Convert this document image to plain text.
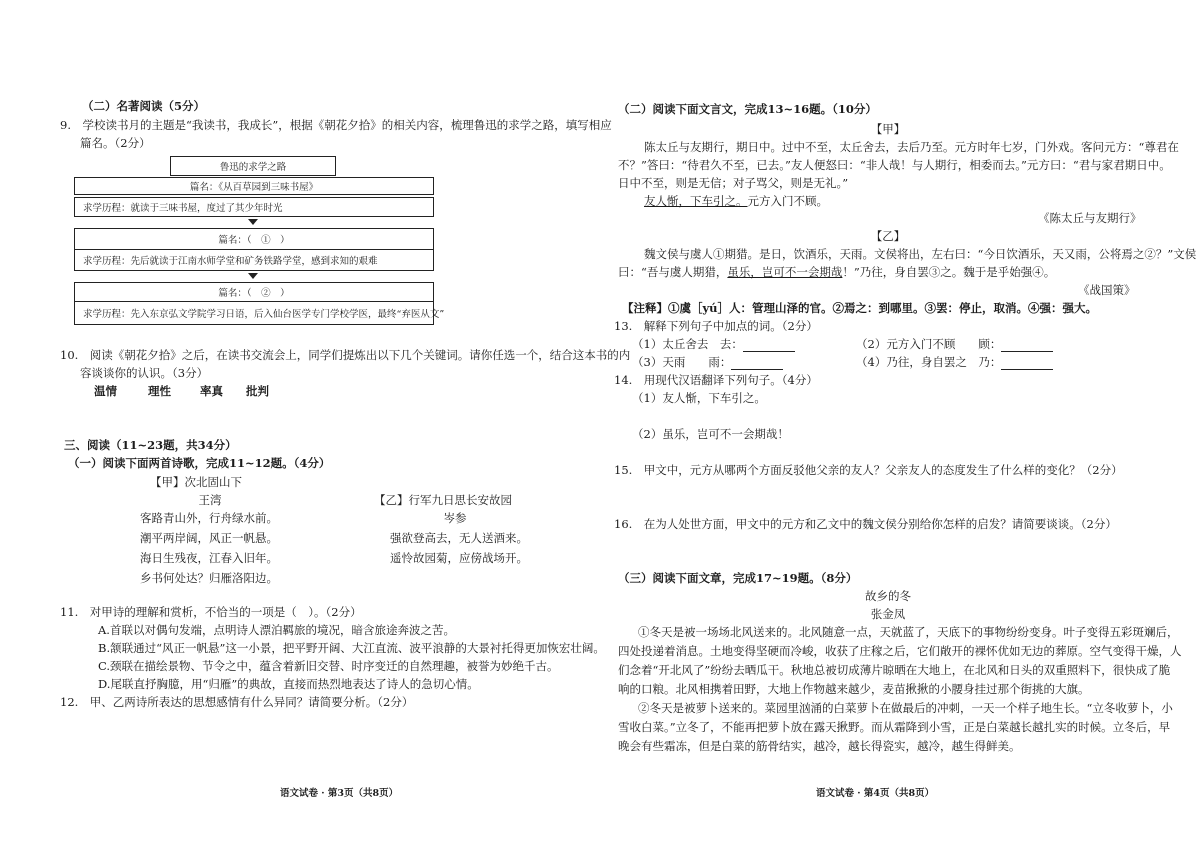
（二）名著阅读（5分）
9.　学校读书月的主题是“我读书，我成长”，根据《朝花夕拾》的相关内容，梳理鲁迅的求学之路，填写相应
篇名。（2分）
鲁迅的求学之路
篇名：《从百草园到三味书屋》
求学历程：就读于三味书屋，度过了其少年时光
篇名：（　①　）
求学历程：先后就读于江南水师学堂和矿务铁路学堂，感到求知的艰难
篇名：（　②　）
求学历程：先入东京弘文学院学习日语，后入仙台医学专门学校学医，最终“弃医从文”
10.　阅读《朝花夕拾》之后，在读书交流会上，同学们提炼出以下几个关键词。请你任选一个，结合这本书的内
容谈谈你的认识。（3分）
温情	理性	率真 批判
三、阅读（11~23题，共34分）
（一）阅读下面两首诗歌，完成11~12题。（4分）
【甲】次北固山下
王湾
客路青山外，行舟绿水前。
潮平两岸阔，风正一帆悬。
海日生残夜，江春入旧年。
乡书何处达？归雁洛阳边。
【乙】行军九日思长安故园
岑参
强欲登高去，无人送酒来。
遥怜故园菊，应傍战场开。
11.　对甲诗的理解和赏析，不恰当的一项是（　）。（2分）
A.首联以对偶句发端，点明诗人漂泊羁旅的境况，暗含旅途奔波之苦。
B.颔联通过“风正一帆悬”这一小景，把平野开阔、大江直流、波平浪静的大景衬托得更加恢宏壮阔。
C.颈联在描绘景物、节令之中，蕴含着新旧交替、时序变迁的自然理趣，被誉为妙绝千古。
D.尾联直抒胸臆，用“归雁”的典故，直接而热烈地表达了诗人的急切心情。
12.　甲、乙两诗所表达的思想感情有什么异同？请简要分析。（2分）
语文试卷 · 第3页（共8页）
（二）阅读下面文言文，完成13~16题。（10分）
【甲】
陈太丘与友期行，期日中。过中不至，太丘舍去，去后乃至。元方时年七岁，门外戏。客问元方：“尊君在
不？”答曰：“待君久不至，已去。”友人便怒曰：“非人哉！与人期行，相委而去。”元方曰：“君与家君期日中。
日中不至，则是无信；对子骂父，则是无礼。”
友人惭，下车引之。元方入门不顾。
《陈太丘与友期行》
【乙】
魏文侯与虞人①期猎。是日，饮酒乐，天雨。文侯将出，左右曰：“今日饮酒乐，天又雨，公将焉之②？”文侯
曰：“吾与虞人期猎，虽乐，岂可不一会期哉！”乃往，身自罢③之。魏于是乎始强④。
《战国策》
【注释】①虞［yú］人：管理山泽的官。②焉之：到哪里。③罢：停止，取消。④强：强大。
13.　解释下列句子中加点的词。（2分）
（1）太丘舍去　去：	（2）元方入门不顾　　顾：
（3）天雨　　雨：	（4）乃往，身自罢之　乃：
14.　用现代汉语翻译下列句子。（4分）
（1）友人惭，下车引之。
（2）虽乐，岂可不一会期哉！
15.　甲文中，元方从哪两个方面反驳他父亲的友人？父亲友人的态度发生了什么样的变化？（2分）
16.　在为人处世方面，甲文中的元方和乙文中的魏文侯分别给你怎样的启发？请简要谈谈。（2分）
（三）阅读下面文章，完成17~19题。（8分）
故乡的冬
张金凤
①冬天是被一场场北风送来的。北风随意一点，天就蓝了，天底下的事物纷纷变身。叶子变得五彩斑斓后，
四处投递着消息。土地变得坚硬而冷峻，收获了庄稼之后，它们敞开的裸怀优如无边的葬原。空气变得干燥，人
们念着“开北风了”纷纷去晒瓜干。秋地总被切成薄片晾晒在大地上，在北风和日头的双重照料下，很快成了脆
响的口粮。北风相携着田野，大地上作物越来越少，麦苗揪揪的小腰身挂过那个街挑的大旗。
②冬天是被萝卜送来的。菜园里汹涌的白菜萝卜在做最后的冲刺，一天一个样子地生长。“立冬收萝卜，小
雪收白菜。”立冬了，不能再把萝卜放在露天揪野。而从霜降到小雪，正是白菜越长越扎实的时候。立冬后，早
晚会有些霜冻，但是白菜的筋骨结实，越冷，越长得瓷实，越冷，越生得鲜美。
语文试卷 · 第4页（共8页）
